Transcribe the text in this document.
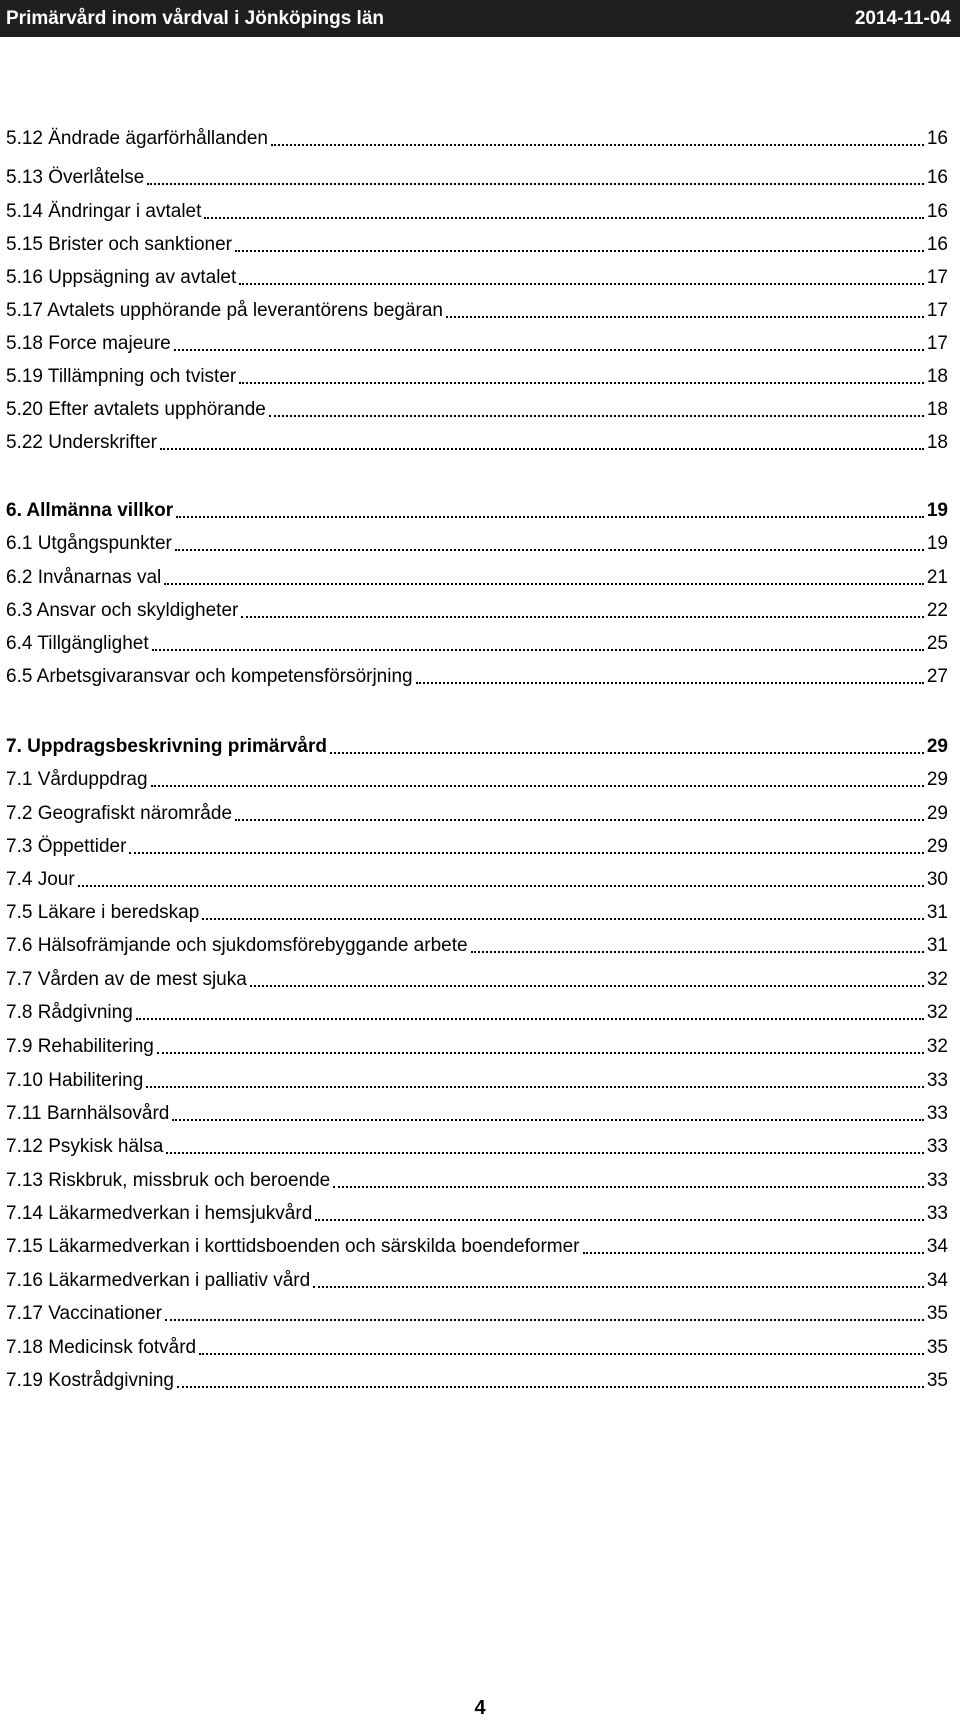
Primärvård inom vårdval i Jönköpings län	2014-11-04
5.12 Ändrade ägarförhållanden	16
5.13 Överlåtelse	16
5.14 Ändringar i avtalet	16
5.15 Brister och sanktioner	16
5.16 Uppsägning av avtalet	17
5.17 Avtalets upphörande på leverantörens begäran	17
5.18 Force majeure	17
5.19 Tillämpning och tvister	18
5.20 Efter avtalets upphörande	18
5.22 Underskrifter	18
6. Allmänna villkor	19
6.1 Utgångspunkter	19
6.2 Invånarnas val	21
6.3 Ansvar och skyldigheter	22
6.4 Tillgänglighet	25
6.5 Arbetsgivaransvar och kompetensförsörjning	27
7. Uppdragsbeskrivning primärvård	29
7.1 Vårduppdrag	29
7.2 Geografiskt närområde	29
7.3 Öppettider	29
7.4 Jour	30
7.5 Läkare i beredskap	31
7.6 Hälsofrämjande och sjukdomsförebyggande arbete	31
7.7 Vården av de mest sjuka	32
7.8 Rådgivning	32
7.9 Rehabilitering	32
7.10 Habilitering	33
7.11 Barnhälsovård	33
7.12 Psykisk hälsa	33
7.13 Riskbruk, missbruk och beroende	33
7.14 Läkarmedverkan i hemsjukvård	33
7.15 Läkarmedverkan i korttidsboenden och särskilda boendeformer	34
7.16 Läkarmedverkan i palliativ vård	34
7.17 Vaccinationer	35
7.18 Medicinsk fotvård	35
7.19 Kostrådgivning	35
4
